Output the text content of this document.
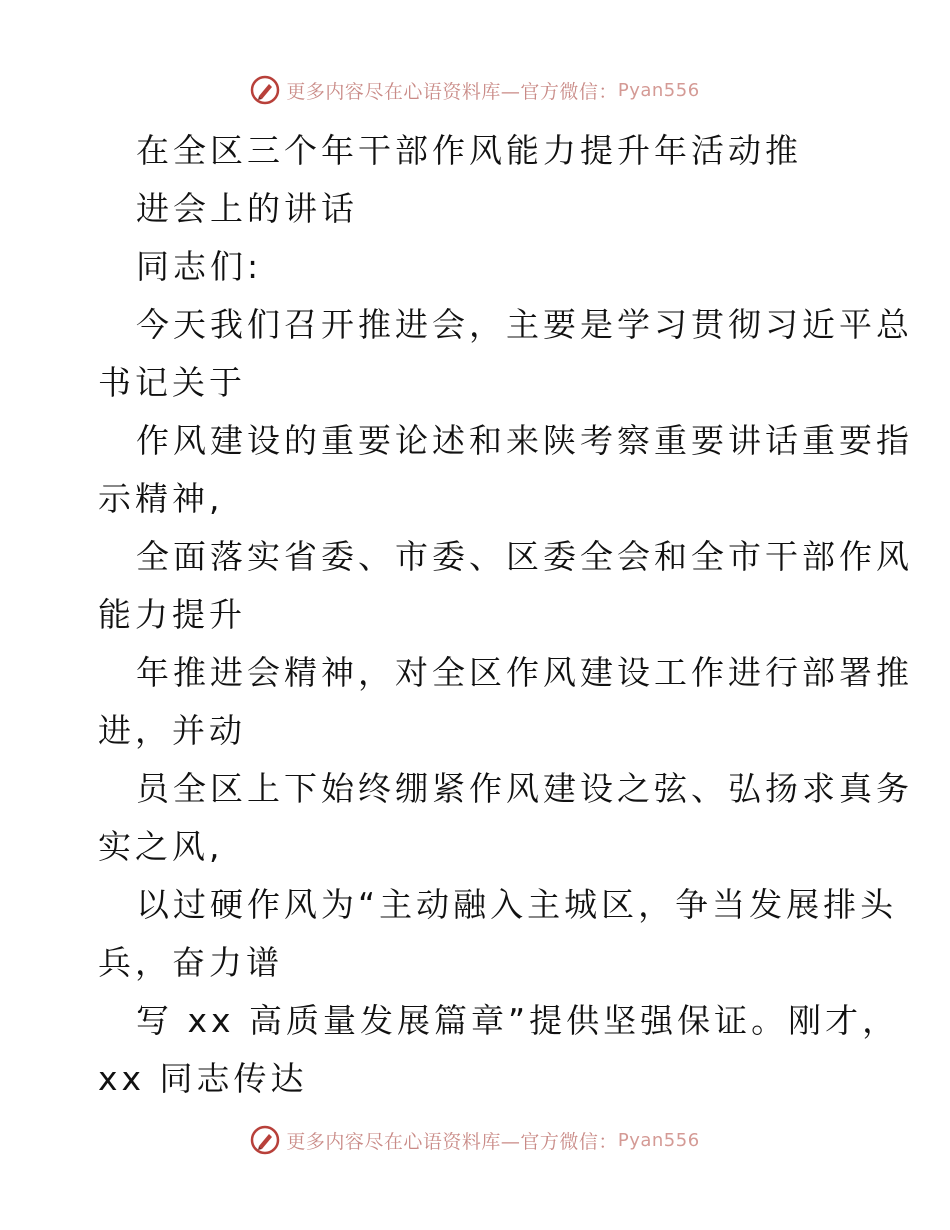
更多内容尽在心语资料库—官方微信： Pyan556
在全区三个年干部作风能力提升年活动推
进会上的讲话
同志们:
今天我们召开推进会，主要是学习贯彻习近平总
书记关于
作风建设的重要论述和来陕考察重要讲话重要指
示精神,
全面落实省委、市委、区委全会和全市干部作风
能力提升
年推进会精神，对全区作风建设工作进行部署推
进，并动
员全区上下始终绷紧作风建设之弦、弘扬求真务
实之风,
以过硬作风为“主动融入主城区，争当发展排头
兵，奋力谱
写 xx 高质量发展篇章”提供坚强保证。刚才，
xx 同志传达
更多内容尽在心语资料库—官方微信： Pyan556
